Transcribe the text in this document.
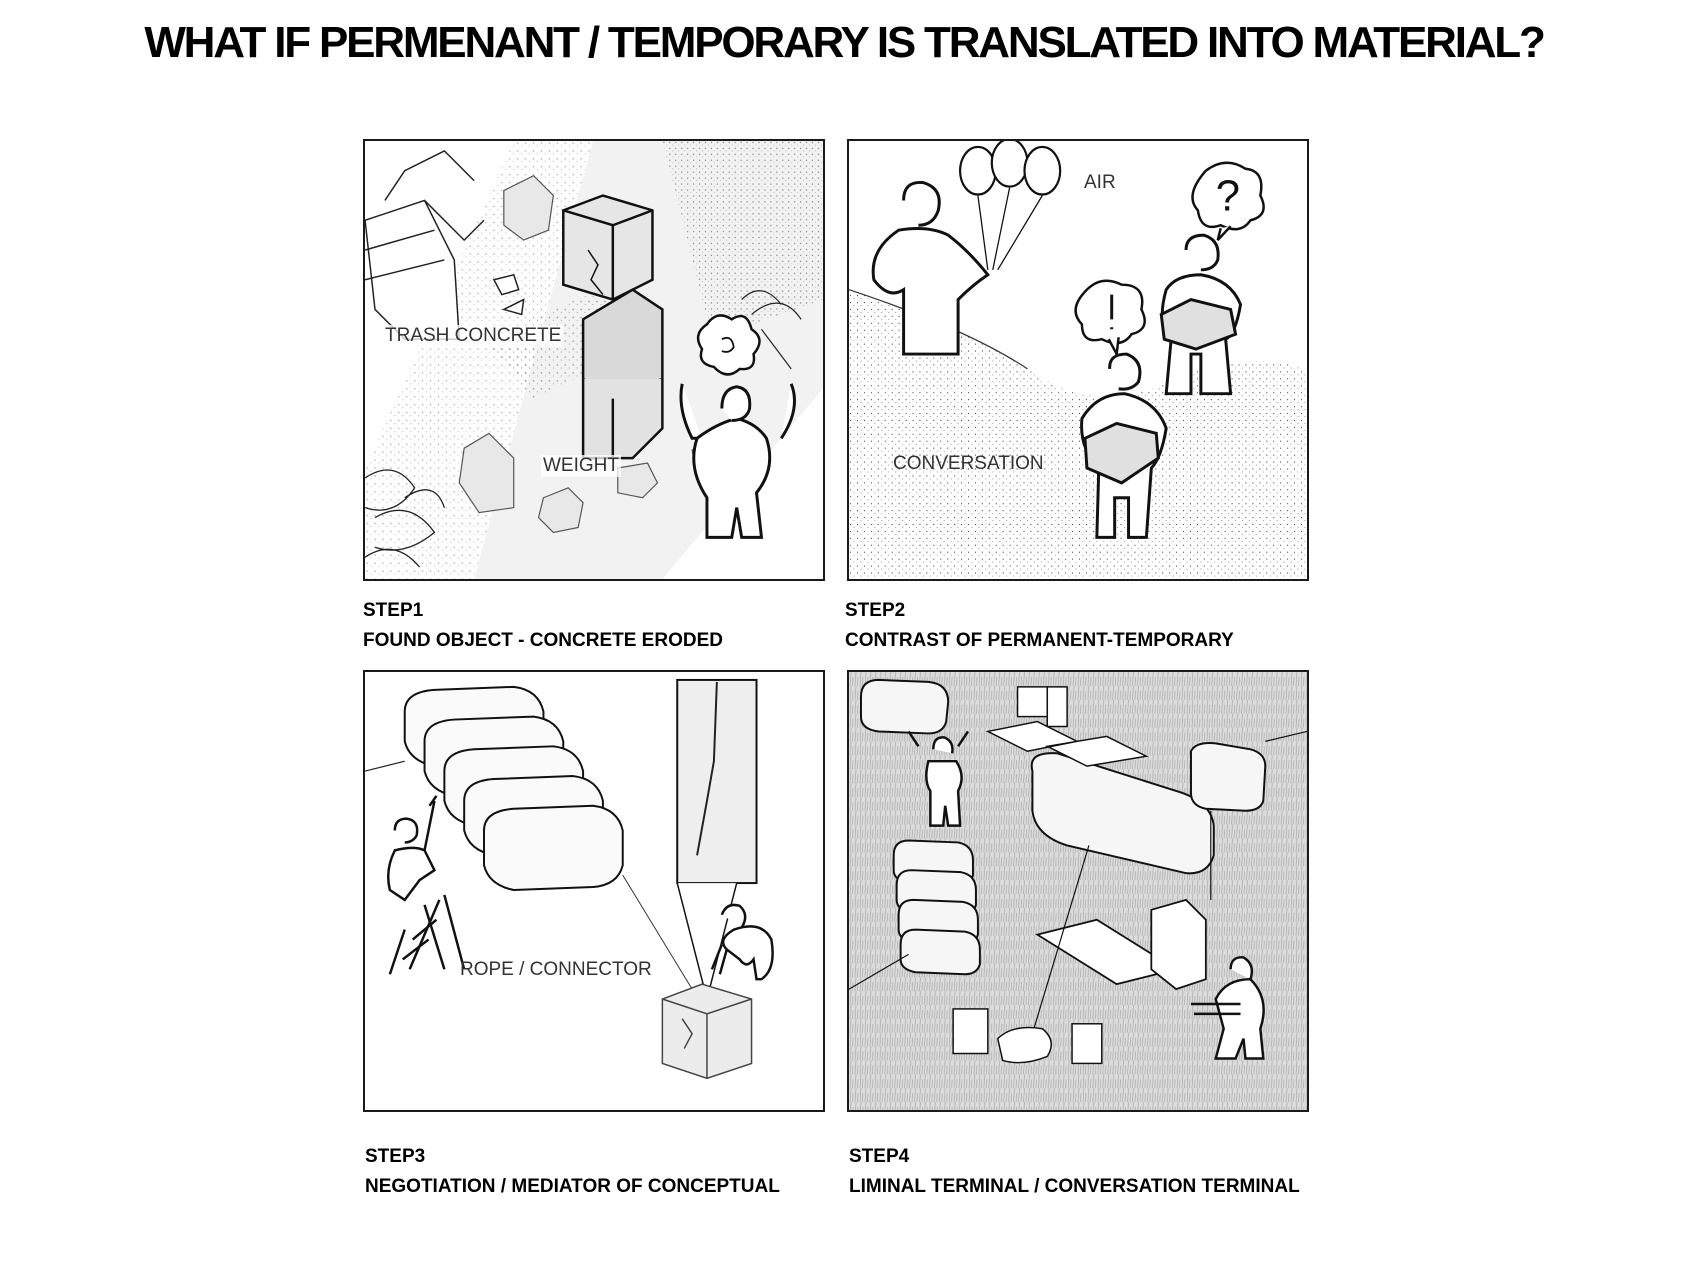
WHAT IF PERMENANT / TEMPORARY IS TRANSLATED INTO MATERIAL?
TRASH CONCRETE
WEIGHT
STEP1
FOUND OBJECT - CONCRETE ERODED
?
AIR
CONVERSATION
STEP2
CONTRAST OF PERMANENT-TEMPORARY
ROPE / CONNECTOR
STEP3
NEGOTIATION / MEDIATOR OF CONCEPTUAL
STEP4
LIMINAL TERMINAL / CONVERSATION TERMINAL
